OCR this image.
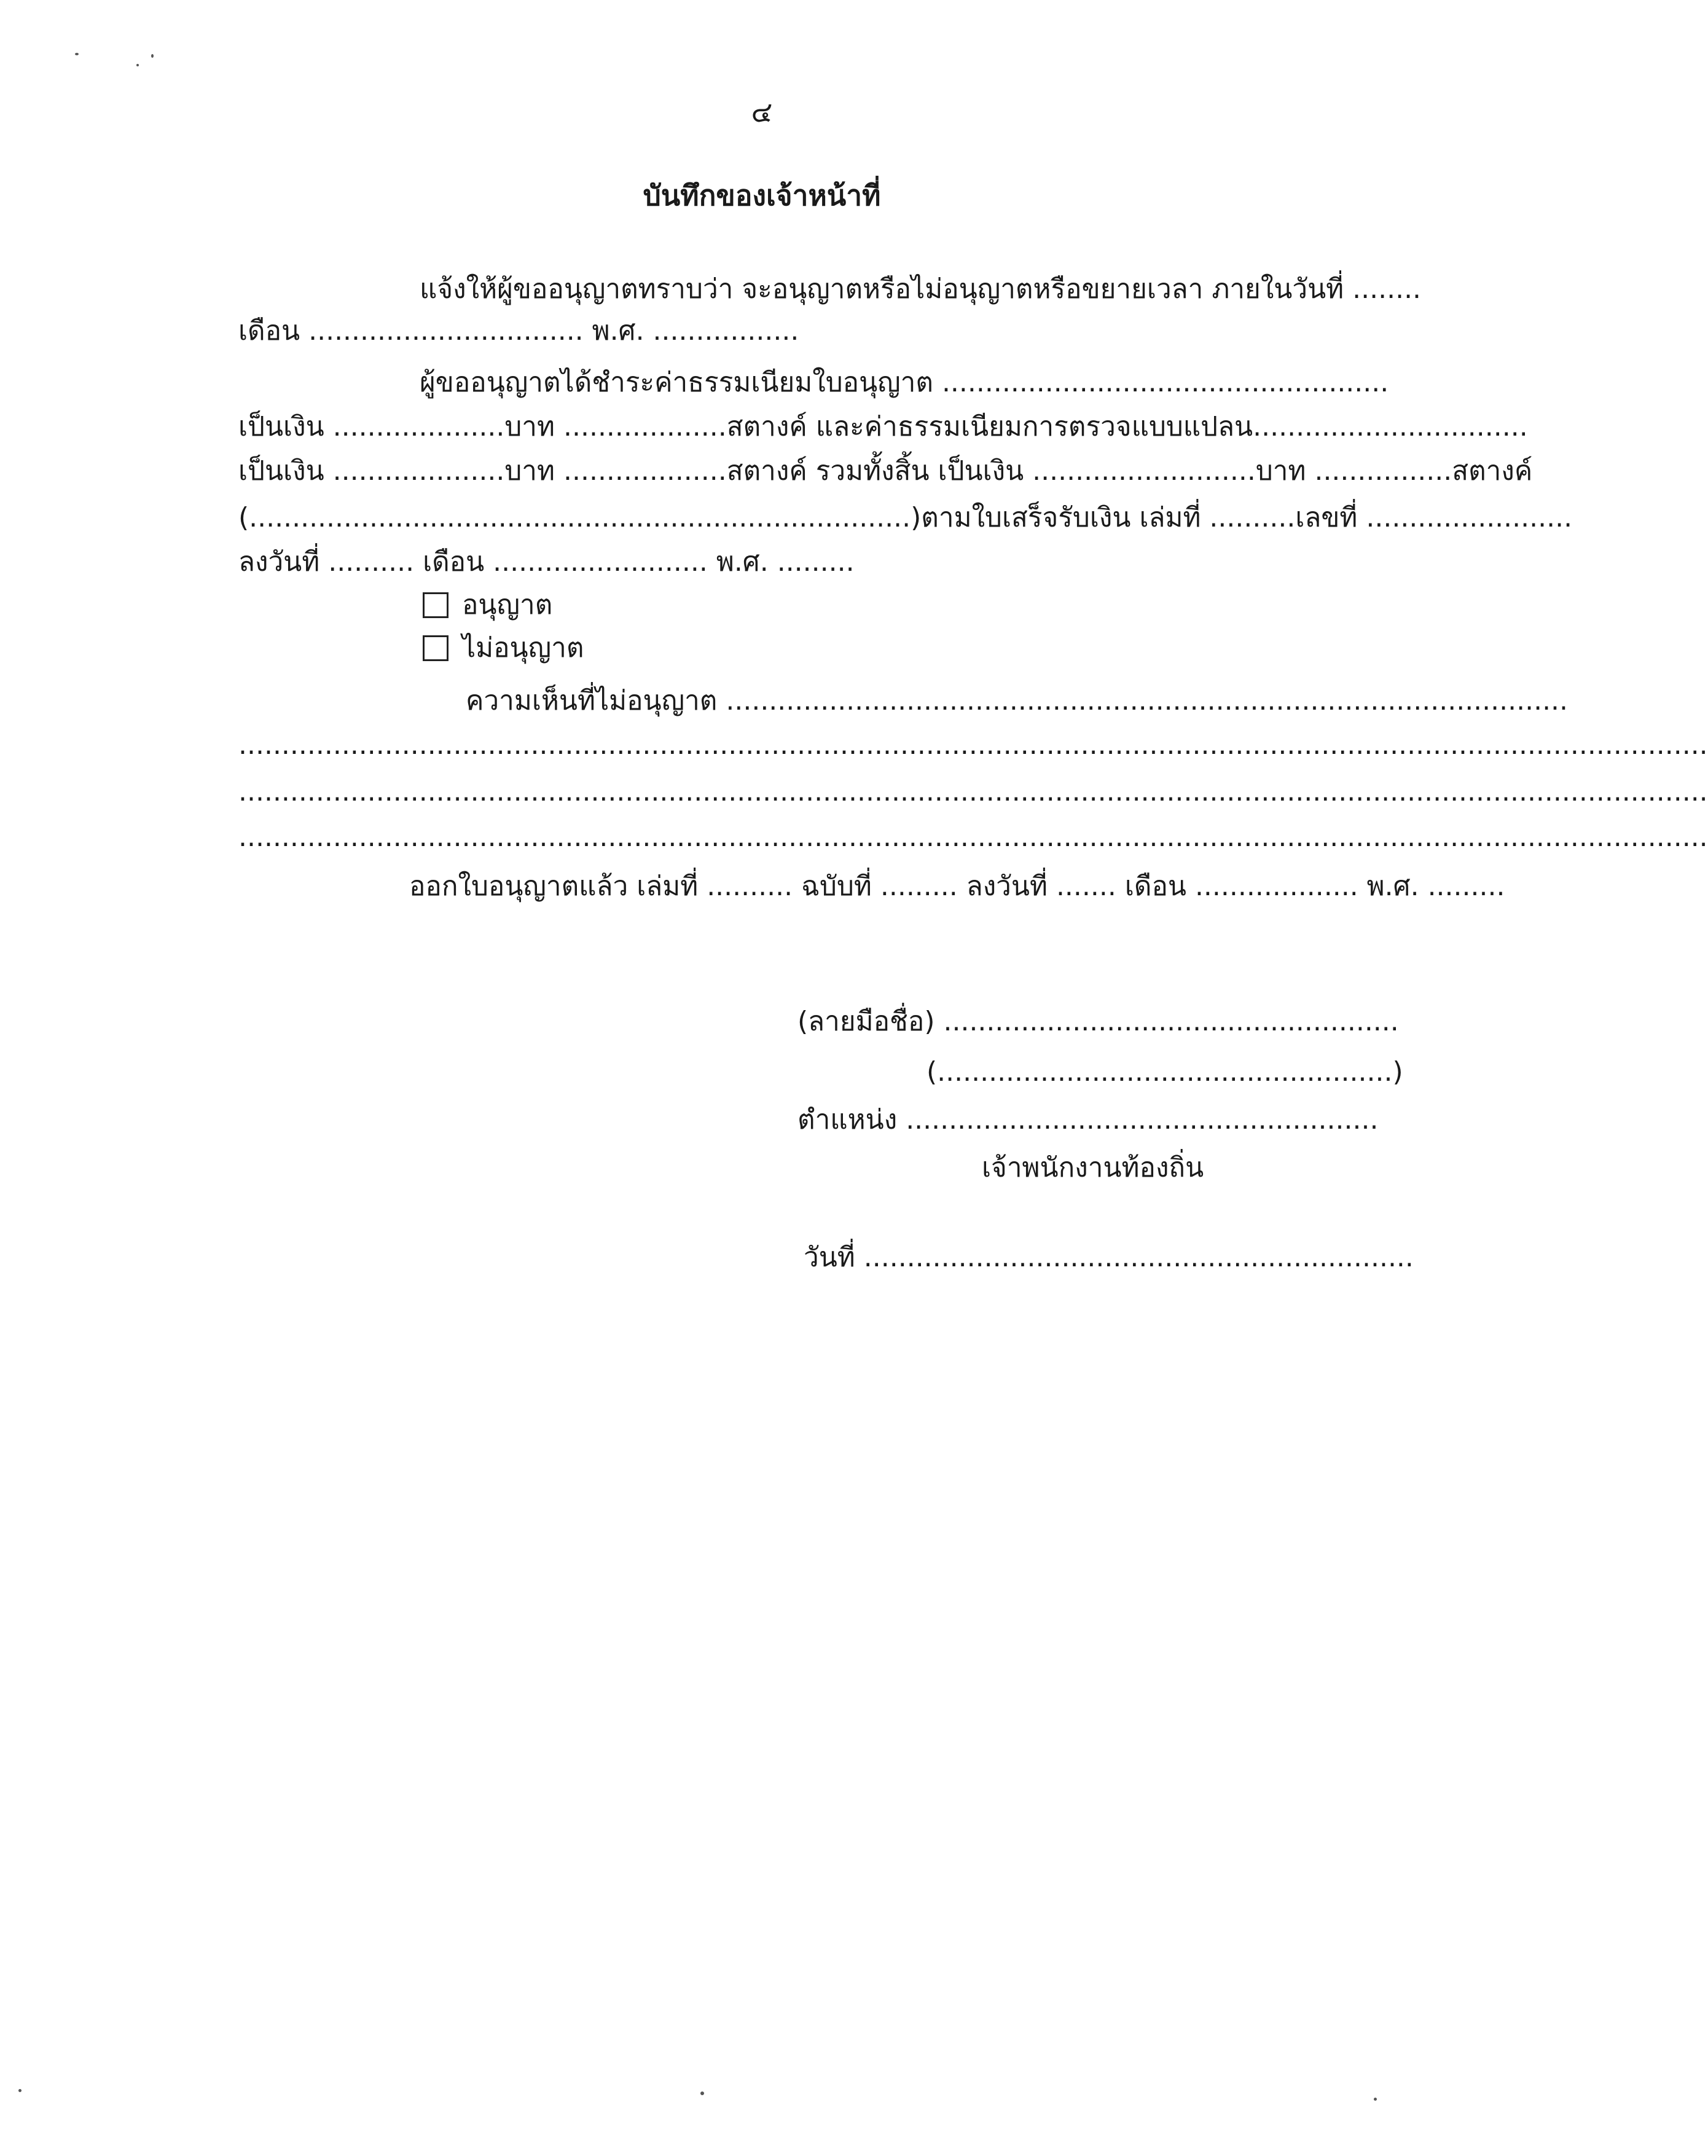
๔
บันทึกของเจ้าหน้าที่
แจ้งให้ผู้ขออนุญาตทราบว่า จะอนุญาตหรือไม่อนุญาตหรือขยายเวลา ภายในวันที่ ........
เดือน ................................ พ.ศ. .................
ผู้ขออนุญาตได้ชำระค่าธรรมเนียมใบอนุญาต ....................................................
เป็นเงิน .................... บาท ................... สตางค์ และค่าธรรมเนียมการตรวจแบบแปลน ................................
เป็นเงิน .................... บาท ................... สตางค์ รวมทั้งสิ้น เป็นเงิน .......................... บาท ................ สตางค์
(.............................................................................) ตามใบเสร็จรับเงิน เล่มที่ .......... เลขที่ ........................
ลงวันที่ .......... เดือน ......................... พ.ศ. .........
อนุญาต
ไม่อนุญาต
ความเห็นที่ไม่อนุญาต ..................................................................................................
...........................................................................................................................................................................
...........................................................................................................................................................................
...........................................................................................................................................................................
ออกใบอนุญาตแล้ว เล่มที่ .......... ฉบับที่ ......... ลงวันที่ ....... เดือน ................... พ.ศ. .........
(ลายมือชื่อ) .....................................................
(.....................................................)
ตำแหน่ง .......................................................
เจ้าพนักงานท้องถิ่น
วันที่ ................................................................
